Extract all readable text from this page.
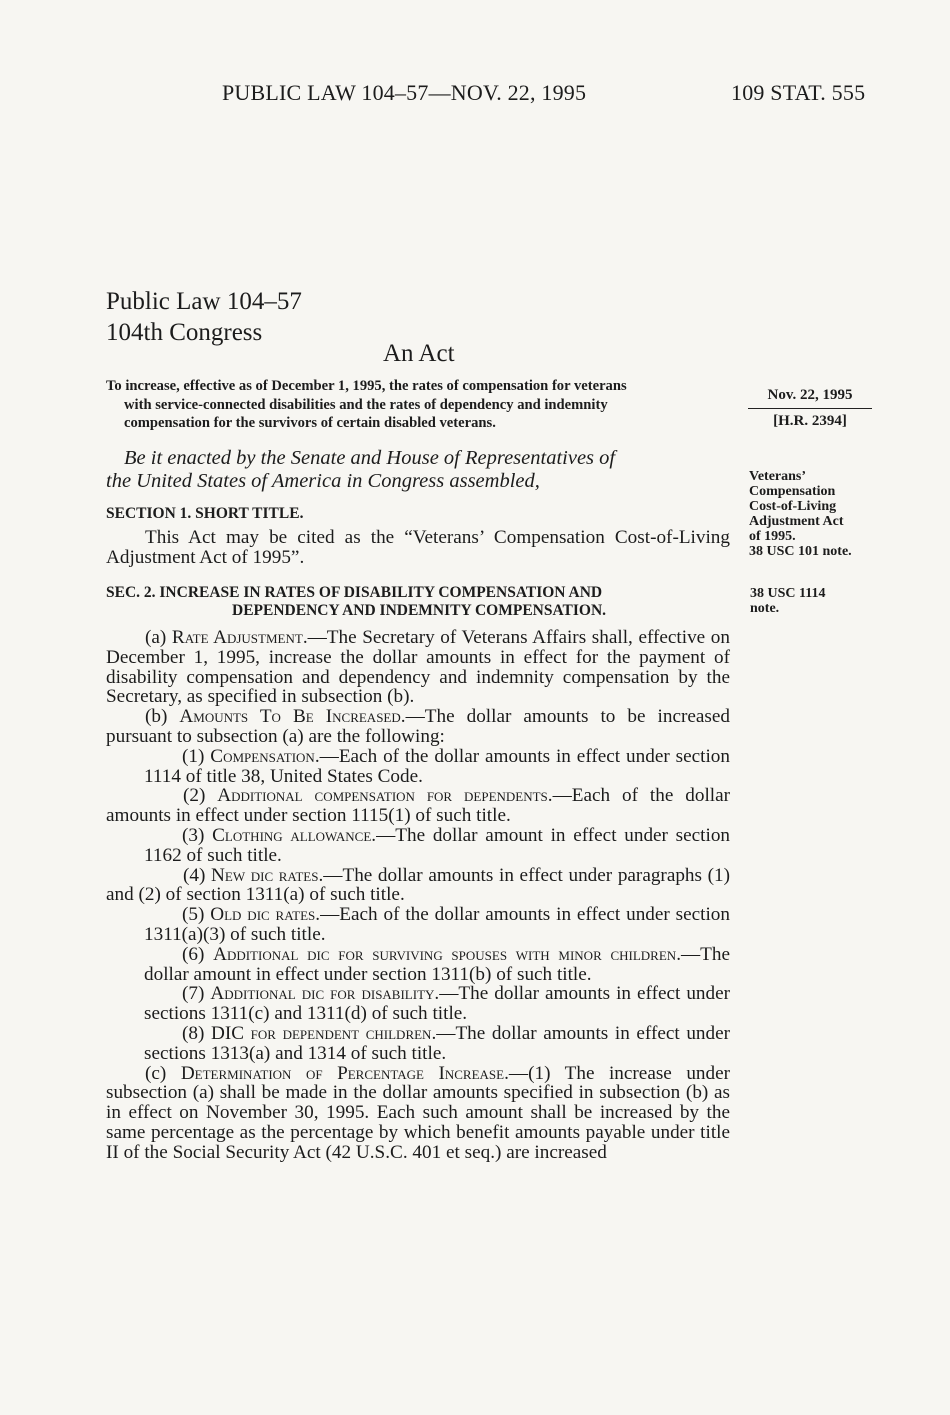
PUBLIC LAW 104–57—NOV. 22, 1995	109 STAT. 555
Public Law 104–57
104th Congress
An Act
To increase, effective as of December 1, 1995, the rates of compensation for veterans
with service-connected disabilities and the rates of dependency and indemnity
compensation for the survivors of certain disabled veterans.
Nov. 22, 1995
[H.R. 2394]
Be it enacted by the Senate and House of Representatives of
the United States of America in Congress assembled,	Veterans’
Compensation
Cost-of-Living
Adjustment Act
of 1995.
38 USC 101 note.
SECTION 1. SHORT TITLE.

This Act may be cited as the “Veterans’ Compensation Cost-of-Living Adjustment Act of 1995”.

SEC. 2. INCREASE IN RATES OF DISABILITY COMPENSATION AND
DEPENDENCY AND INDEMNITY COMPENSATION.
38 USC 1114
note.

(a) Rate Adjustment.—The Secretary of Veterans Affairs shall, effective on December 1, 1995, increase the dollar amounts in effect for the payment of disability compensation and dependency and indemnity compensation by the Secretary, as specified in subsection (b).

(b) Amounts To Be Increased.—The dollar amounts to be increased pursuant to subsection (a) are the following:

(1) Compensation.—Each of the dollar amounts in effect under section 1114 of title 38, United States Code.

(2) Additional compensation for dependents.—Each of the dollar amounts in effect under section 1115(1) of such title.

(3) Clothing allowance.—The dollar amount in effect under section 1162 of such title.

(4) New dic rates.—The dollar amounts in effect under paragraphs (1) and (2) of section 1311(a) of such title.

(5) Old dic rates.—Each of the dollar amounts in effect under section 1311(a)(3) of such title.

(6) Additional dic for surviving spouses with minor children.—The dollar amount in effect under section 1311(b) of such title.

(7) Additional dic for disability.—The dollar amounts in effect under sections 1311(c) and 1311(d) of such title.

(8) DIC for dependent children.—The dollar amounts in effect under sections 1313(a) and 1314 of such title.

(c) Determination of Percentage Increase.—(1) The increase under subsection (a) shall be made in the dollar amounts specified in subsection (b) as in effect on November 30, 1995. Each such amount shall be increased by the same percentage as the percentage by which benefit amounts payable under title II of the Social Security Act (42 U.S.C. 401 et seq.) are increased
